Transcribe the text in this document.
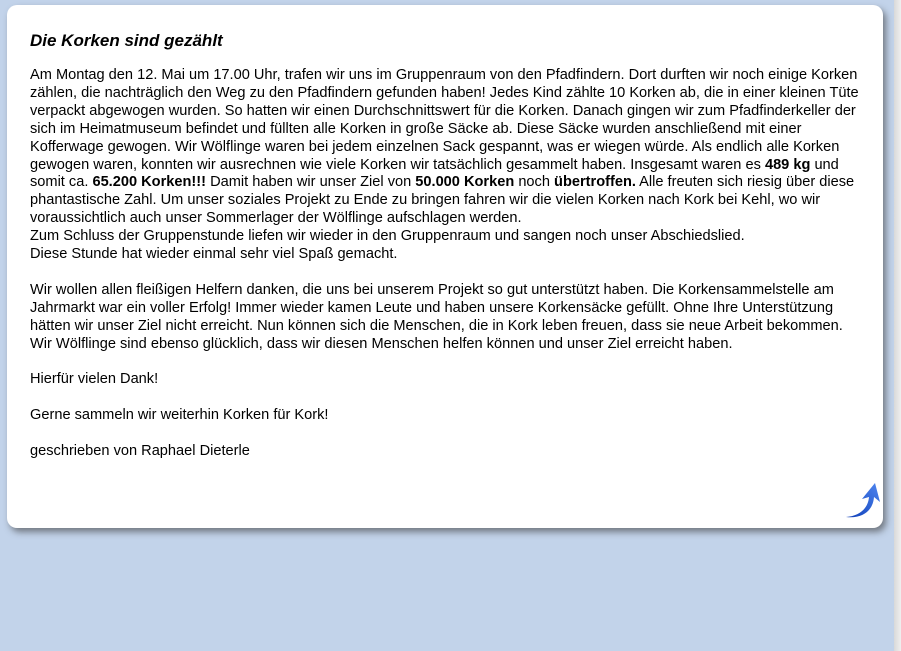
Die Korken sind gezählt

Am Montag den 12. Mai um 17.00 Uhr, trafen wir uns im Gruppenraum von den Pfadfindern. Dort durften wir noch einige Korken zählen, die nachträglich den Weg zu den Pfadfindern gefunden haben! Jedes Kind zählte 10 Korken ab, die in einer kleinen Tüte verpackt abgewogen wurden. So hatten wir einen Durchschnittswert für die Korken. Danach gingen wir zum Pfadfinderkeller der sich im Heimatmuseum befindet und füllten alle Korken in große Säcke ab. Diese Säcke wurden anschließend mit einer Kofferwage gewogen. Wir Wölflinge waren bei jedem einzelnen Sack gespannt, was er wiegen würde. Als endlich alle Korken gewogen waren, konnten wir ausrechnen wie viele Korken wir tatsächlich gesammelt haben. Insgesamt waren es 489 kg und somit ca. 65.200 Korken!!! Damit haben wir unser Ziel von 50.000 Korken noch übertroffen. Alle freuten sich riesig über diese phantastische Zahl. Um unser soziales Projekt zu Ende zu bringen fahren wir die vielen Korken nach Kork bei Kehl, wo wir voraussichtlich auch unser Sommerlager der Wölflinge aufschlagen werden.

Zum Schluss der Gruppenstunde liefen wir wieder in den Gruppenraum und sangen noch unser Abschiedslied.

Diese Stunde hat wieder einmal sehr viel Spaß gemacht.

Wir wollen allen fleißigen Helfern danken, die uns bei unserem Projekt so gut unterstützt haben. Die Korkensammelstelle am Jahrmarkt war ein voller Erfolg! Immer wieder kamen Leute und haben unsere Korkensäcke gefüllt. Ohne Ihre Unterstützung hätten wir unser Ziel nicht erreicht. Nun können sich die Menschen, die in Kork leben freuen, dass sie neue Arbeit bekommen. Wir Wölflinge sind ebenso glücklich, dass wir diesen Menschen helfen können und unser Ziel erreicht haben.

Hierfür vielen Dank!

Gerne sammeln wir weiterhin Korken für Kork!

geschrieben von Raphael Dieterle
